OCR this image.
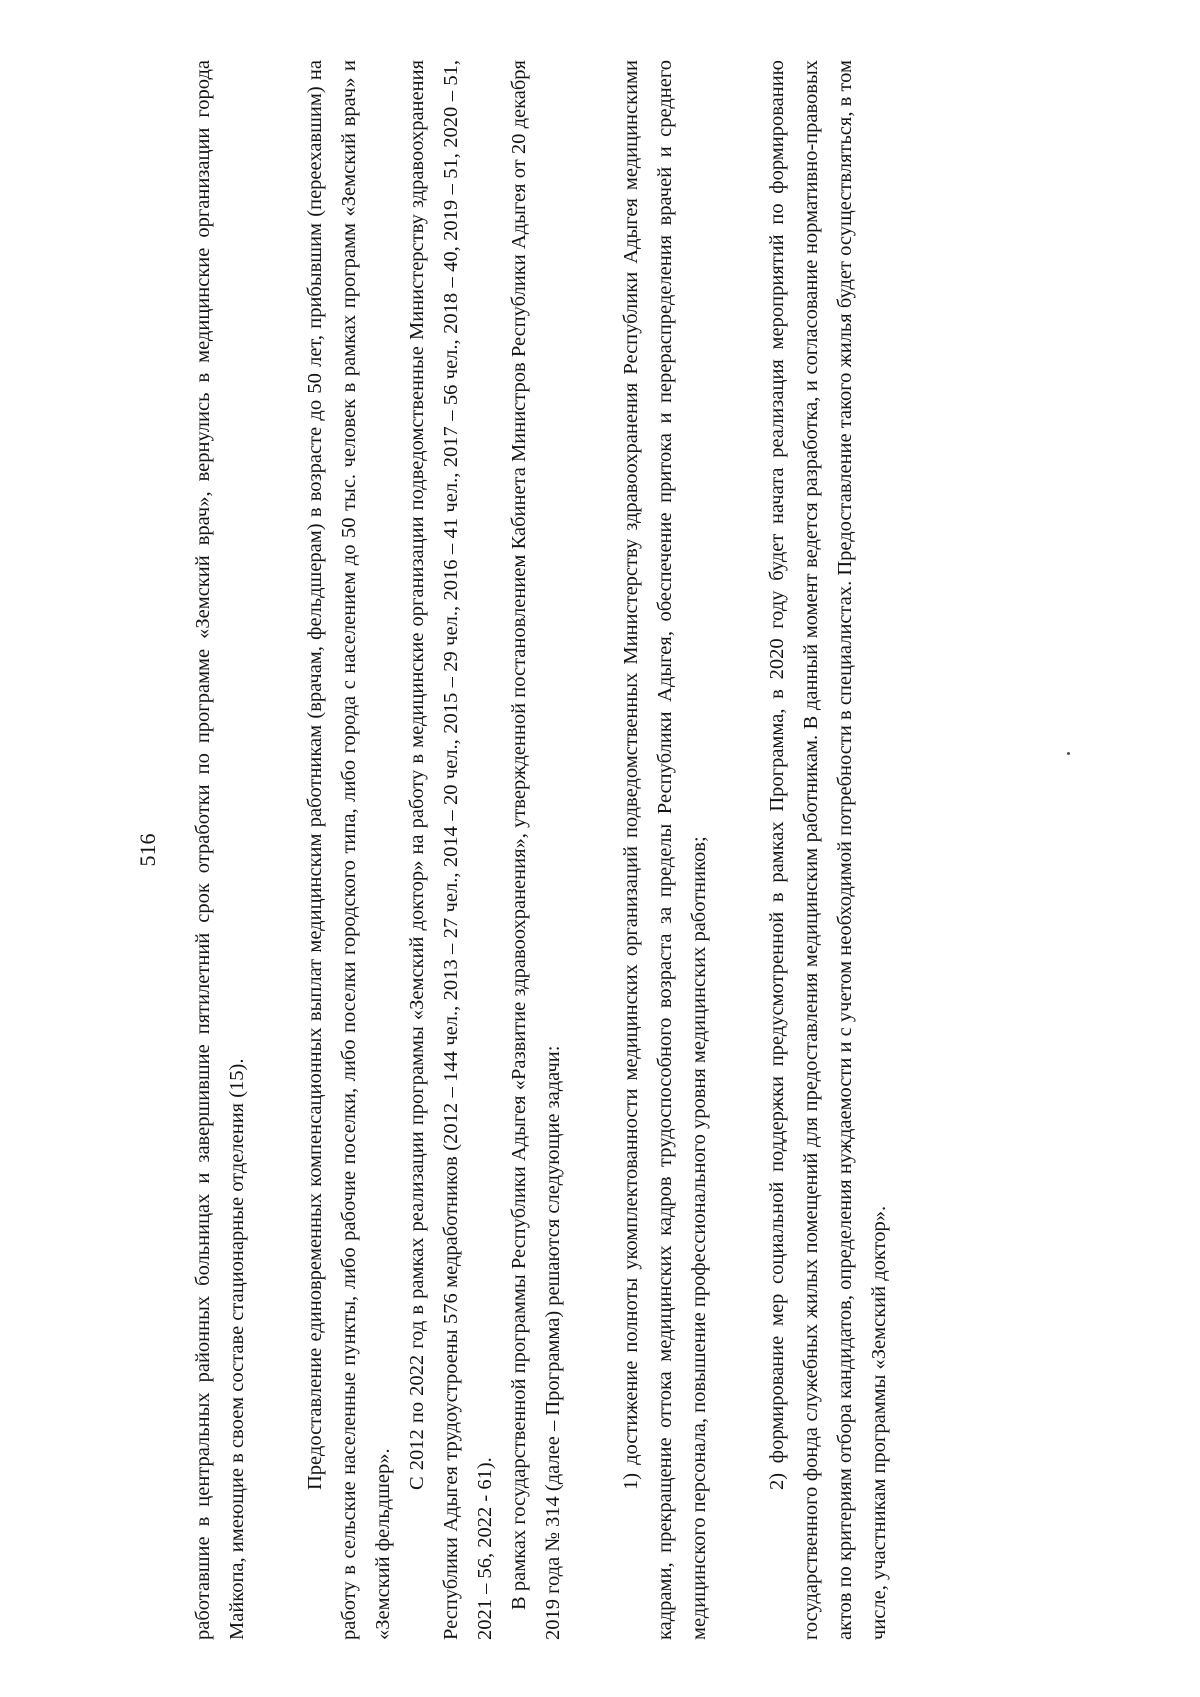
516 работавшие в центральных районных больницах и завершившие пятилетний срок отработки по программе «Земский врач», вернулись в медицинские организации города Майкопа, имеющие в своем составе стационарные отделения (15).	Предоставление единовременных компенсационных выплат медицинским работникам (врачам, фельдшерам) в возрасте до 50 лет, прибывшим (переехавшим) на работу в сельские населенные пункты, либо рабочие поселки, либо поселки городского типа, либо города с населением до 50 тыс. человек в рамках программ «Земский врач» и «Земский фельдшер».

С 2012 по 2022 год в рамках реализации программы «Земский доктор» на работу в медицинские организации подведомственные Министерству здравоохранения Республики Адыгея трудоустроены 576 медработников (2012 – 144 чел., 2013 – 27 чел., 2014 – 20 чел., 2015 – 29 чел., 2016 – 41 чел., 2017 – 56 чел., 2018 – 40, 2019 – 51, 2020 – 51, 2021 – 56, 2022 - 61). В рамках государственной программы Республики Адыгея «Развитие здравоохранения», утвержденной постановлением Кабинета Министров Республики Адыгея от 20 декабря 2019 года № 314 (далее – Программа) решаются следующие задачи:	1) достижение полноты укомплектованности медицинских организаций подведомственных Министерству здравоохранения Республики Адыгея медицинскими кадрами, прекращение оттока медицинских кадров трудоспособного возраста за пределы Республики Адыгея, обеспечение притока и перераспределения врачей и среднего медицинского персонала, повышение профессионального уровня медицинских работников;	2) формирование мер социальной поддержки предусмотренной в рамках Программа, в 2020 году будет начата реализация мероприятий по формированию государственного фонда служебных жилых помещений для предоставления медицинским работникам. В данный момент ведется разработка, и согласование нормативно-правовых актов по критериям отбора кандидатов, определения нуждаемости и с учетом необходимой потребности в специалистах. Предоставление такого жилья будет осуществляться, в том числе, участникам программы «Земский доктор».
